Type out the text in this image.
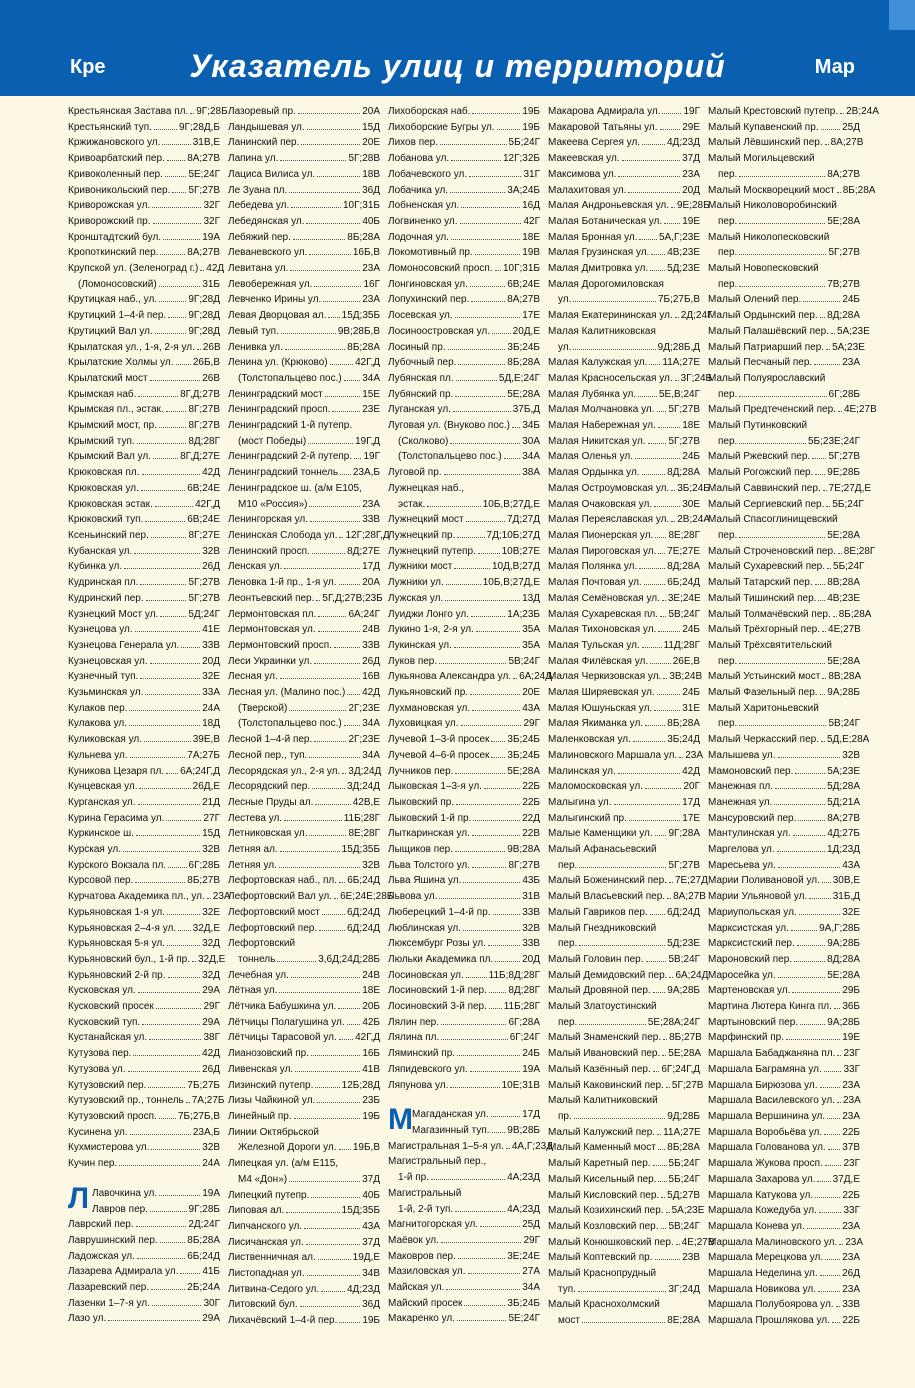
Кре	Указатель улиц и территорий	Мар
Крестьянская Застава пл. 9Г;28Б
Крестьянский туп.	9Г;28Д,Б
Кржижановского ул.	31В,Е
Кривоарбатский пер. 8А;27В
Кривоколенный пер.	5Е;24Г
Кривоникольский пер. 5Г;27В
Криворожская ул.	32Г
Криворожский пр.	32Г
Кронштадтский бул.	19А
Кропоткинский пер.	8А;27В
Крупской ул. (Зеленоград г.) 42Д
(Ломоносовский)	31Б
Крутицкая наб., ул.	9Г;28Д
Крутицкий 1–4-й пер. 9Г;28Д
Крутицкий Вал ул.	9Г;28Д
Крылатская ул., 1-я, 2-я ул. 26В
Крылатские Холмы ул. 26Б,В
Крылатский мост	26В
Крымская наб.	8Г,Д;27В
Крымская пл., эстак. 8Г;27В
Крымский мост, пр.	8Г;27В
Крымский туп.	8Д;28Г
Крымский Вал ул.	8Г,Д;27Е
Крюковская пл.	42Д
Крюковская ул.	6В;24Е
Крюковская эстак.	42Г,Д
Крюковский туп.	6В;24Е
Ксеньинский пер.	8Г;27Е
Кубанская ул.	32В
Кубинка ул.	26Д
Кудринская пл.	5Г;27В
Кудринский пер.	5Г;27В
Кузнецкий Мост ул.	5Д;24Г
Кузнецова ул.	41Е
Кузнецова Генерала ул. 33В
Кузнецовская ул.	20Д
Кузнечный туп.	32Е
Кузьминская ул.	33А
Кулаков пер.	24А
Кулакова ул.	18Д
Куликовская ул.	39Е,В
Кульнева ул.	7А;27Б
Куникова Цезаря пл. 6А;24Г,Д
Кунцевская ул.	26Д,Е
Курганская ул.	21Д
Курина Герасима ул.	27Г
Куркинское ш.	15Д
Курская ул.	32В
Курского Вокзала пл. 6Г;28Б
Курсовой пер.	8Б;27В
Курчатова Академика пл., ул. 23А
Курьяновская 1-я ул.	32Е
Курьяновская 2–4-я ул. 32Д,Е
Курьяновская 5-я ул.	32Д
Курьяновский бул., 1-й пр. 32Д,Е
Курьяновский 2-й пр.	32Д
Кусковская ул.	29А
Кусковский просек	29Г
Кусковский туп.	29А
Кустанайская ул.	38Г
Кутузова пер.	42Д
Кутузова ул.	26Д
Кутузовский пер.	7Б;27Б
Кутузовский пр., тоннель 7А;27Б
Кутузовский просп. 7Б;27Б,В
Кусинена ул.	23А,Б
Кухмистерова ул.	32В
Кучин пер.	24А
Л Лавочкина ул.	19А
Лавров пер.	9Г;28Б
Лаврский пер.	2Д;24Г
Лаврушинский пер.	8Б;28А
Ладожская ул.	6Б;24Д
Лазарева Адмирала ул. 41Б
Лазаревский пер.	2Б;24А
Лазенки 1–7-я ул.	30Г
Лазо ул.	29А
Лазоревый пр.	20А
Ландышевая ул.	15Д
Ланинский пер.	20Е
Лапина ул.	5Г;28В
Лациса Вилиса ул.	18В
Ле Зуана пл.	36Д
Лебедева ул.	10Г;31Б
Лебедянская ул.	40Б
Лебяжий пер.	8Б;28А
Леваневского ул.	16Б,В
Левитана ул.	23А
Левобережная ул.	16Г
Левченко Ирины ул.	23А
Левая Дворцовая ал. 15Д;35Б
Левый туп.	9В;28Б,В
Ленивка ул.	8Б;28А
Ленина ул. (Крюково)	42Г,Д
(Толстопальцево пос.) 34А
Ленинградский мост	15Е
Ленинградский просп.	23Е
Ленинградский 1-й путепр.
(мост Победы)	19Г,Д
Ленинградский 2-й путепр. 19Г
Ленинградский тоннель 23А,Б
Ленинградское ш. (а/м Е105,
М10 «Россия»)	23А
Ленингорская ул.	33В
Ленинская Слобода ул. 12Г;28Г,Д
Ленинский просп.	8Д;27Е
Ленская ул.	17Д
Леновка 1-й пр., 1-я ул.	20А
Леонтьевский пер. 5Г,Д;27В;23Б
Лермонтовская пл.	6А;24Г
Лермонтовская ул.	24В
Лермонтовский просп.	33В
Леси Украинки ул.	26Д
Лесная ул.	16В
Лесная ул. (Малино пос.) 42Д
(Тверской)	2Г;23Е
(Толстопальцево пос.) 34А
Лесной 1–4-й пер.	2Г;23Е
Лесной пер., туп.	34А
Лесорядская ул., 2-я ул. 3Д;24Д
Лесорядский пер.	3Д;24Д
Лесные Пруды ал.	42В,Е
Лестева ул.	11Б;28Г
Летниковская ул.	8Е;28Г
Летняя ал.	15Д;35Б
Летняя ул.	32В
Лефортовская наб., пл. 6Б;24Д
Лефортовский Вал ул. 6Е;24Е;28Б
Лефортовский мост	6Д;24Д
Лефортовский пер.	6Д;24Д
Лефортовский
тоннель	3,6Д;24Д;28Б
Лечебная ул.	24В
Лётная ул.	18Е
Лётчика Бабушкина ул.	20Б
Лётчицы Полагушина ул. 42Б
Лётчицы Тарасовой ул. 42Г,Д
Лианозовский пр.	16Б
Ливенская ул.	41В
Лизинский путепр.	12Б;28Д
Лизы Чайкиной ул.	23Б
Линейный пр.	19Б
Линии Октябрьской
Железной Дороги ул. 19Б,В
Липецкая ул. (а/м Е115,
М4 «Дон»)	37Д
Липецкий путепр.	40Б
Липовая ал.	15Д;35Б
Липчанского ул.	43А
Лисичанская ул.	37Д
Лиственничная ал.	19Д,Е
Листопадная ул.	34В
Литвина-Седого ул.	4Д;23Д
Литовский бул.	36Д
Лихачёвский 1–4-й пер. 19Б
Лихоборская наб.	19Б
Лихоборские Бугры ул.	19Б
Лихов пер.	5Б;24Г
Лобанова ул.	12Г;32Б
Лобачевского ул.	31Г
Лобачика ул.	3А;24Б
Лобненская ул.	16Д
Логвиненко ул.	42Г
Лодочная ул.	18Е
Локомотивный пр.	19В
Ломоносовский просп. 10Г;31Б
Лонгиновская ул.	6В;24Е
Лопухинский пер.	8А;27В
Лосевская ул.	17Е
Лосиноостровская ул. 20Д,Е
Лосиный пр.	3Б;24Б
Лубочный пер.	8Б;28А
Лубянская пл.	5Д,Е;24Г
Лубянский пр.	5Е;28А
Луганская ул.	37Б,Д
Луговая ул. (Внуково пос.) 34Б
(Сколково)	30А
(Толстопальцево пос.) 34А
Луговой пр.	38А
Лужнецкая наб.,
эстак.	10Б,В;27Д,Е
Лужнецкий мост	7Д;27Д
Лужнецкий пр.	7Д;10Б;27Д
Лужнецкий путепр.	10В;27Е
Лужники мост	10Д,В;27Д
Лужники ул.	10Б,В;27Д,Е
Лужская ул.	13Д
Луиджи Лонго ул.	1А;23Б
Лукино 1-я, 2-я ул.	35А
Лукинская ул.	35А
Луков пер.	5В;24Г
Лукьянова Александра ул. 6А;24Д
Лукьяновский пр.	20Е
Лухмановская ул.	43А
Луховицкая ул.	29Г
Лучевой 1–3-й просек 3Б;24Б
Лучевой 4–6-й просек 3Б;24Б
Лучников пер.	5Е;28А
Лыковская 1–3-я ул.	22Б
Лыковский пр.	22Б
Лыковский 1-й пр.	22Д
Лыткаринская ул.	22В
Лыщиков пер.	9В;28А
Льва Толстого ул.	8Г;27В
Льва Яшина ул.	43Б
Львова ул.	31В
Люберецкий 1–4-й пр.	33В
Люблинская ул.	32В
Люксембург Розы ул.	33В
Люльки Академика пл.	20Д
Лосиновская ул. 11Б;8Д;28Г
Лосиновский 1-й пер. 8Д;28Г
Лосиновский 3-й пер. 11Б;28Г
Лялин пер.	6Г;28А
Лялина пл.	6Г;24Г
Ляминский пр.	24Б
Ляпидевского ул.	19А
Ляпунова ул.	10Е;31В
М Магаданская ул.	17Д
Магазинный туп. 9В;28Б
Магистральная 1–5-я ул. 4А,Г;23Д
Магистральный пер.,
1-й пр.	4А;23Д
Магистральный
1-й, 2-й туп.	4А;23Д
Магнитогорская ул.	25Д
Маёвок ул.	29Г
Маковров пер.	3Е;24Е
Мазиловская ул.	27А
Майская ул.	34А
Майский просек	3Б;24Б
Макаренко ул.	5Е;24Г
Макарова Адмирала ул. 19Г
Макаровой Татьяны ул. 29Е
Макеева Сергея ул.	4Д;23Д
Макеевская ул.	37Д
Максимова ул.	23А
Малахитовая ул.	20Д
Малая Андроньевская ул. 9Е;28Б
Малая Ботаническая ул. 19Е
Малая Бронная ул. 5А,Г;23Е
Малая Грузинская ул. 4В;23Е
Малая Дмитровка ул. 5Д;23Е
Малая Дорогомиловская
ул.	7Б;27Б,В
Малая Екатерининская ул. 2Д;24Г
Малая Калитниковская
ул.	9Д;28Б,Д
Малая Калужская ул. 11А;27Е
Малая Красносельская ул. 3Г;24Б
Малая Лубянка ул. 5Е,В;24Г
Малая Молчановка ул. 5Г;27В
Малая Набережная ул.	18Е
Малая Никитская ул. 5Г;27В
Малая Оленья ул.	24Б
Малая Ордынка ул.	8Д;28А
Малая Остроумовская ул. 3Б;24Б
Малая Очаковская ул.	30Е
Малая Переяславская ул. 2В;24А
Малая Пионерская ул. 8Е;28Г
Малая Пироговская ул. 7Е;27Е
Малая Полянка ул.	8Д;28А
Малая Почтовая ул.	6Б;24Д
Малая Семёновская ул. 3Е;24Е
Малая Сухаревская пл. 5В;24Г
Малая Тихоновская ул.	24Б
Малая Тульская ул. 11Д;28Г
Малая Филёвская ул. 26Е,В
Малая Черкизовская ул. 3В;24В
Малая Ширяевская ул.	24Б
Малая Юшуньская ул.	31Е
Малая Якиманка ул. 8Б;28А
Маленковская ул.	3Б;24Д
Малиновского Маршала ул. 23А
Малинская ул.	42Д
Маломосковская ул.	20Г
Малыгина ул.	17Д
Малыгинский пр.	17Е
Малые Каменщики ул. 9Г;28А
Малый Афанасьевский
пер.	5Г;27В
Малый Боженинский пер. 7Е;27Д
Малый Власьевский пер. 8А;27В
Малый Гавриков пер. 6Д;24Д
Малый Гнездниковский
пер.	5Д;23Е
Малый Головин пер. 5В;24Г
Малый Демидовский пер. 6А;24Д
Малый Дровяной пер. 9А;28Б
Малый Златоустинский
пер.	5Е;28А;24Г
Малый Знаменский пер. 8Б;27В
Малый Ивановский пер. 5Е;28А
Малый Казённый пер. 6Г;24Г,Д
Малый Каковинский пер. 5Г;27В
Малый Калитниковский
пр.	9Д;28Б
Малый Калужский пер. 11А;27Е
Малый Каменный мост 8Б;28А
Малый Каретный пер. 5Б;24Г
Малый Кисельный пер. 5Б;24Г
Малый Кисловский пер. 5Д;27В
Малый Козихинский пер. 5А;23Е
Малый Козловский пер. 5В;24Г
Малый Конюшковский пер. 4Е;27В
Малый Коптевский пр.	23В
Малый Краснопрудный
туп.	3Г;24Д
Малый Краснохолмский
мост	8Е;28А
Малый Крестовский путепр. 2В;24А
Малый Купавенский пр. 25Д
Малый Лёвшинский пер. 8А;27В
Малый Могильцевский
пер.	8А;27В
Малый Москворецкий мост 8Б;28А
Малый Николоворобинский
пер.	5Е;28А
Малый Николопесковский
пер.	5Г;27В
Малый Новопесковский
пер.	7В;27В
Малый Олений пер.	24Б
Малый Ордынский пер. 8Д;28А
Малый Палашёвский пер. 5А;23Е
Малый Патриарший пер. 5А;23Е
Малый Песчаный пер.	23А
Малый Полуярославский
пер.	6Г;28Б
Малый Предтеченский пер. 4Е;27В
Малый Путинковский
пер.	5Б;23Е;24Г
Малый Ржевский пер. 5Г;27В
Малый Рогожский пер. 9Е;28Б
Малый Саввинский пер. 7Е;27Д,Е
Малый Сергиевский пер. 5Б;24Г
Малый Спасоглинищевский
пер.	5Е;28А
Малый Строченовский пер. 8Е;28Г
Малый Сухаревский пер. 5Б;24Г
Малый Татарский пер. 8В;28А
Малый Тишинский пер. 4В;23Е
Малый Толмачёвский пер. 8Б;28А
Малый Трёхгорный пер. 4Е;27В
Малый Трёхсвятительский
пер.	5Е;28А
Малый Устьинский мост 8В;28А
Малый Фазельный пер. 9А;28Б
Малый Харитоньевский
пер.	5В;24Г
Малый Черкасский пер. 5Д,Е;28А
Малышева ул.	32В
Мамоновский пер.	5А;23Е
Манежная пл.	5Д;28А
Манежная ул.	5Д;21А
Мансуровский пер.	8А;27В
Мантулинская ул.	4Д;27Б
Маргелова ул.	1Д;23Д
Маресьева ул.	43А
Марии Поливановой ул. 30В,Е
Марии Ульяновой ул.	31Б,Д
Мариупольская ул.	32Е
Марксистская ул.	9А,Г;28Б
Марксистский пер.	9А;28Б
Мароновский пер.	8Д;28А
Маросейка ул.	5Е;28А
Мартеновская ул.	29Б
Мартина Лютера Кинга пл. 36Б
Мартыновский пер.	9А;28Б
Марфинский пр.	19Е
Маршала Бабаджаняна пл. 23Г
Маршала Баграмяна ул. 33Г
Маршала Бирюзова ул. 23А
Маршала Василевского ул. 23А
Маршала Вершинина ул. 23А
Маршала Воробьёва ул. 22Б
Маршала Голованова ул. 37В
Маршала Жукова просп. 23Г
Маршала Захарова ул. 37Д,Е
Маршала Катукова ул.	22Б
Маршала Кожедуба ул.	33Г
Маршала Конева ул.	23А
Маршала Малиновского ул. 23А
Маршала Мерецкова ул. 23А
Маршала Неделина ул. 26Д
Маршала Новикова ул.	23А
Маршала Полубоярова ул. 33В
Маршала Прошлякова ул. 22Б
